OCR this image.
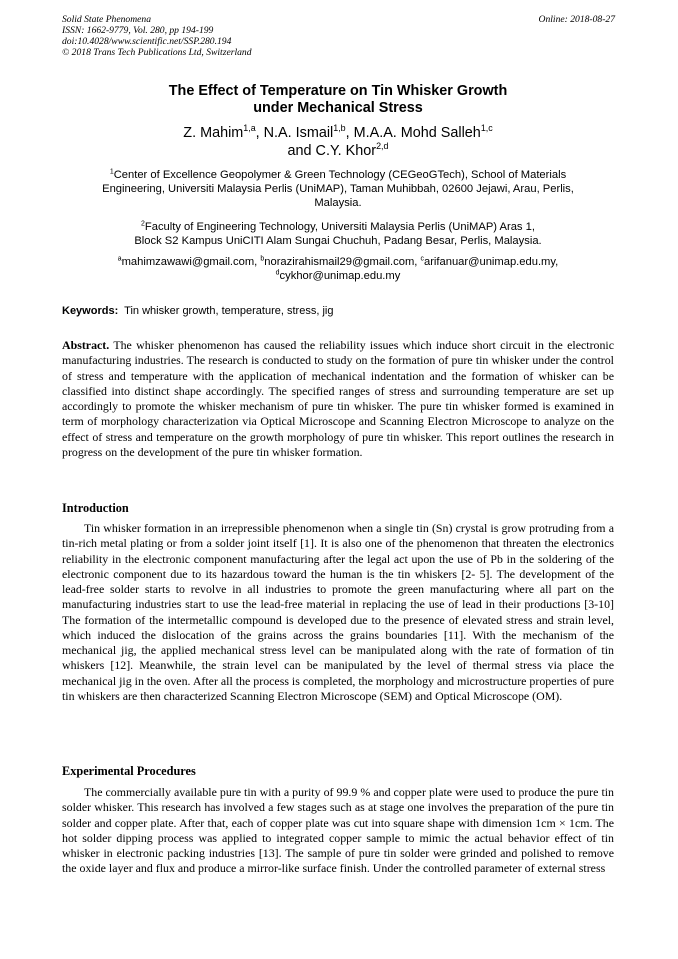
Solid State Phenomena
ISSN: 1662-9779, Vol. 280, pp 194-199
doi:10.4028/www.scientific.net/SSP.280.194
© 2018 Trans Tech Publications Ltd, Switzerland
Online: 2018-08-27
The Effect of Temperature on Tin Whisker Growth
under Mechanical Stress
Z. Mahim$^{1,a}$, N.A. Ismail$^{1,b}$, M.A.A. Mohd Salleh$^{1,c}$
and C.Y. Khor$^{2,d}$
$^1$Center of Excellence Geopolymer & Green Technology (CEGeoGTech), School of Materials
Engineering, Universiti Malaysia Perlis (UniMAP), Taman Muhibbah, 02600 Jejawi, Arau, Perlis,
Malaysia.
$^2$Faculty of Engineering Technology, Universiti Malaysia Perlis (UniMAP) Aras 1,
Block S2 Kampus UniCITI Alam Sungai Chuchuh, Padang Besar, Perlis, Malaysia.
$^a$mahimzawawi@gmail.com, $^b$norazirahismail29@gmail.com, $^c$arifanuar@unimap.edu.my,
$^d$cykhor@unimap.edu.my
Keywords: Tin whisker growth, temperature, stress, jig
Abstract. The whisker phenomenon has caused the reliability issues which induce short circuit in the electronic manufacturing industries. The research is conducted to study on the formation of pure tin whisker under the control of stress and temperature with the application of mechanical indentation and the formation of whisker can be classified into distinct shape accordingly. The specified ranges of stress and surrounding temperature are set up accordingly to promote the whisker mechanism of pure tin whisker. The pure tin whisker formed is examined in term of morphology characterization via Optical Microscope and Scanning Electron Microscope to analyze on the effect of stress and temperature on the growth morphology of pure tin whisker. This report outlines the research in progress on the development of the pure tin whisker formation.
Introduction
Tin whisker formation in an irrepressible phenomenon when a single tin (Sn) crystal is grow protruding from a tin-rich metal plating or from a solder joint itself [1]. It is also one of the phenomenon that threaten the electronics reliability in the electronic component manufacturing after the legal act upon the use of Pb in the soldering of the electronic component due to its hazardous toward the human is the tin whiskers [2- 5]. The development of the lead-free solder starts to revolve in all industries to promote the green manufacturing where all part on the manufacturing industries start to use the lead-free material in replacing the use of lead in their productions [3-10] The formation of the intermetallic compound is developed due to the presence of elevated stress and strain level, which induced the dislocation of the grains across the grains boundaries [11]. With the mechanism of the mechanical jig, the applied mechanical stress level can be manipulated along with the rate of formation of tin whiskers [12]. Meanwhile, the strain level can be manipulated by the level of thermal stress via place the mechanical jig in the oven. After all the process is completed, the morphology and microstructure properties of pure tin whiskers are then characterized Scanning Electron Microscope (SEM) and Optical Microscope (OM).
Experimental Procedures
The commercially available pure tin with a purity of 99.9 % and copper plate were used to produce the pure tin solder whisker. This research has involved a few stages such as at stage one involves the preparation of the pure tin solder and copper plate. After that, each of copper plate was cut into square shape with dimension 1cm × 1cm. The hot solder dipping process was applied to integrated copper sample to mimic the actual behavior effect of tin whisker in electronic packing industries [13]. The sample of pure tin solder were grinded and polished to remove the oxide layer and flux and produce a mirror-like surface finish. Under the controlled parameter of external stress
